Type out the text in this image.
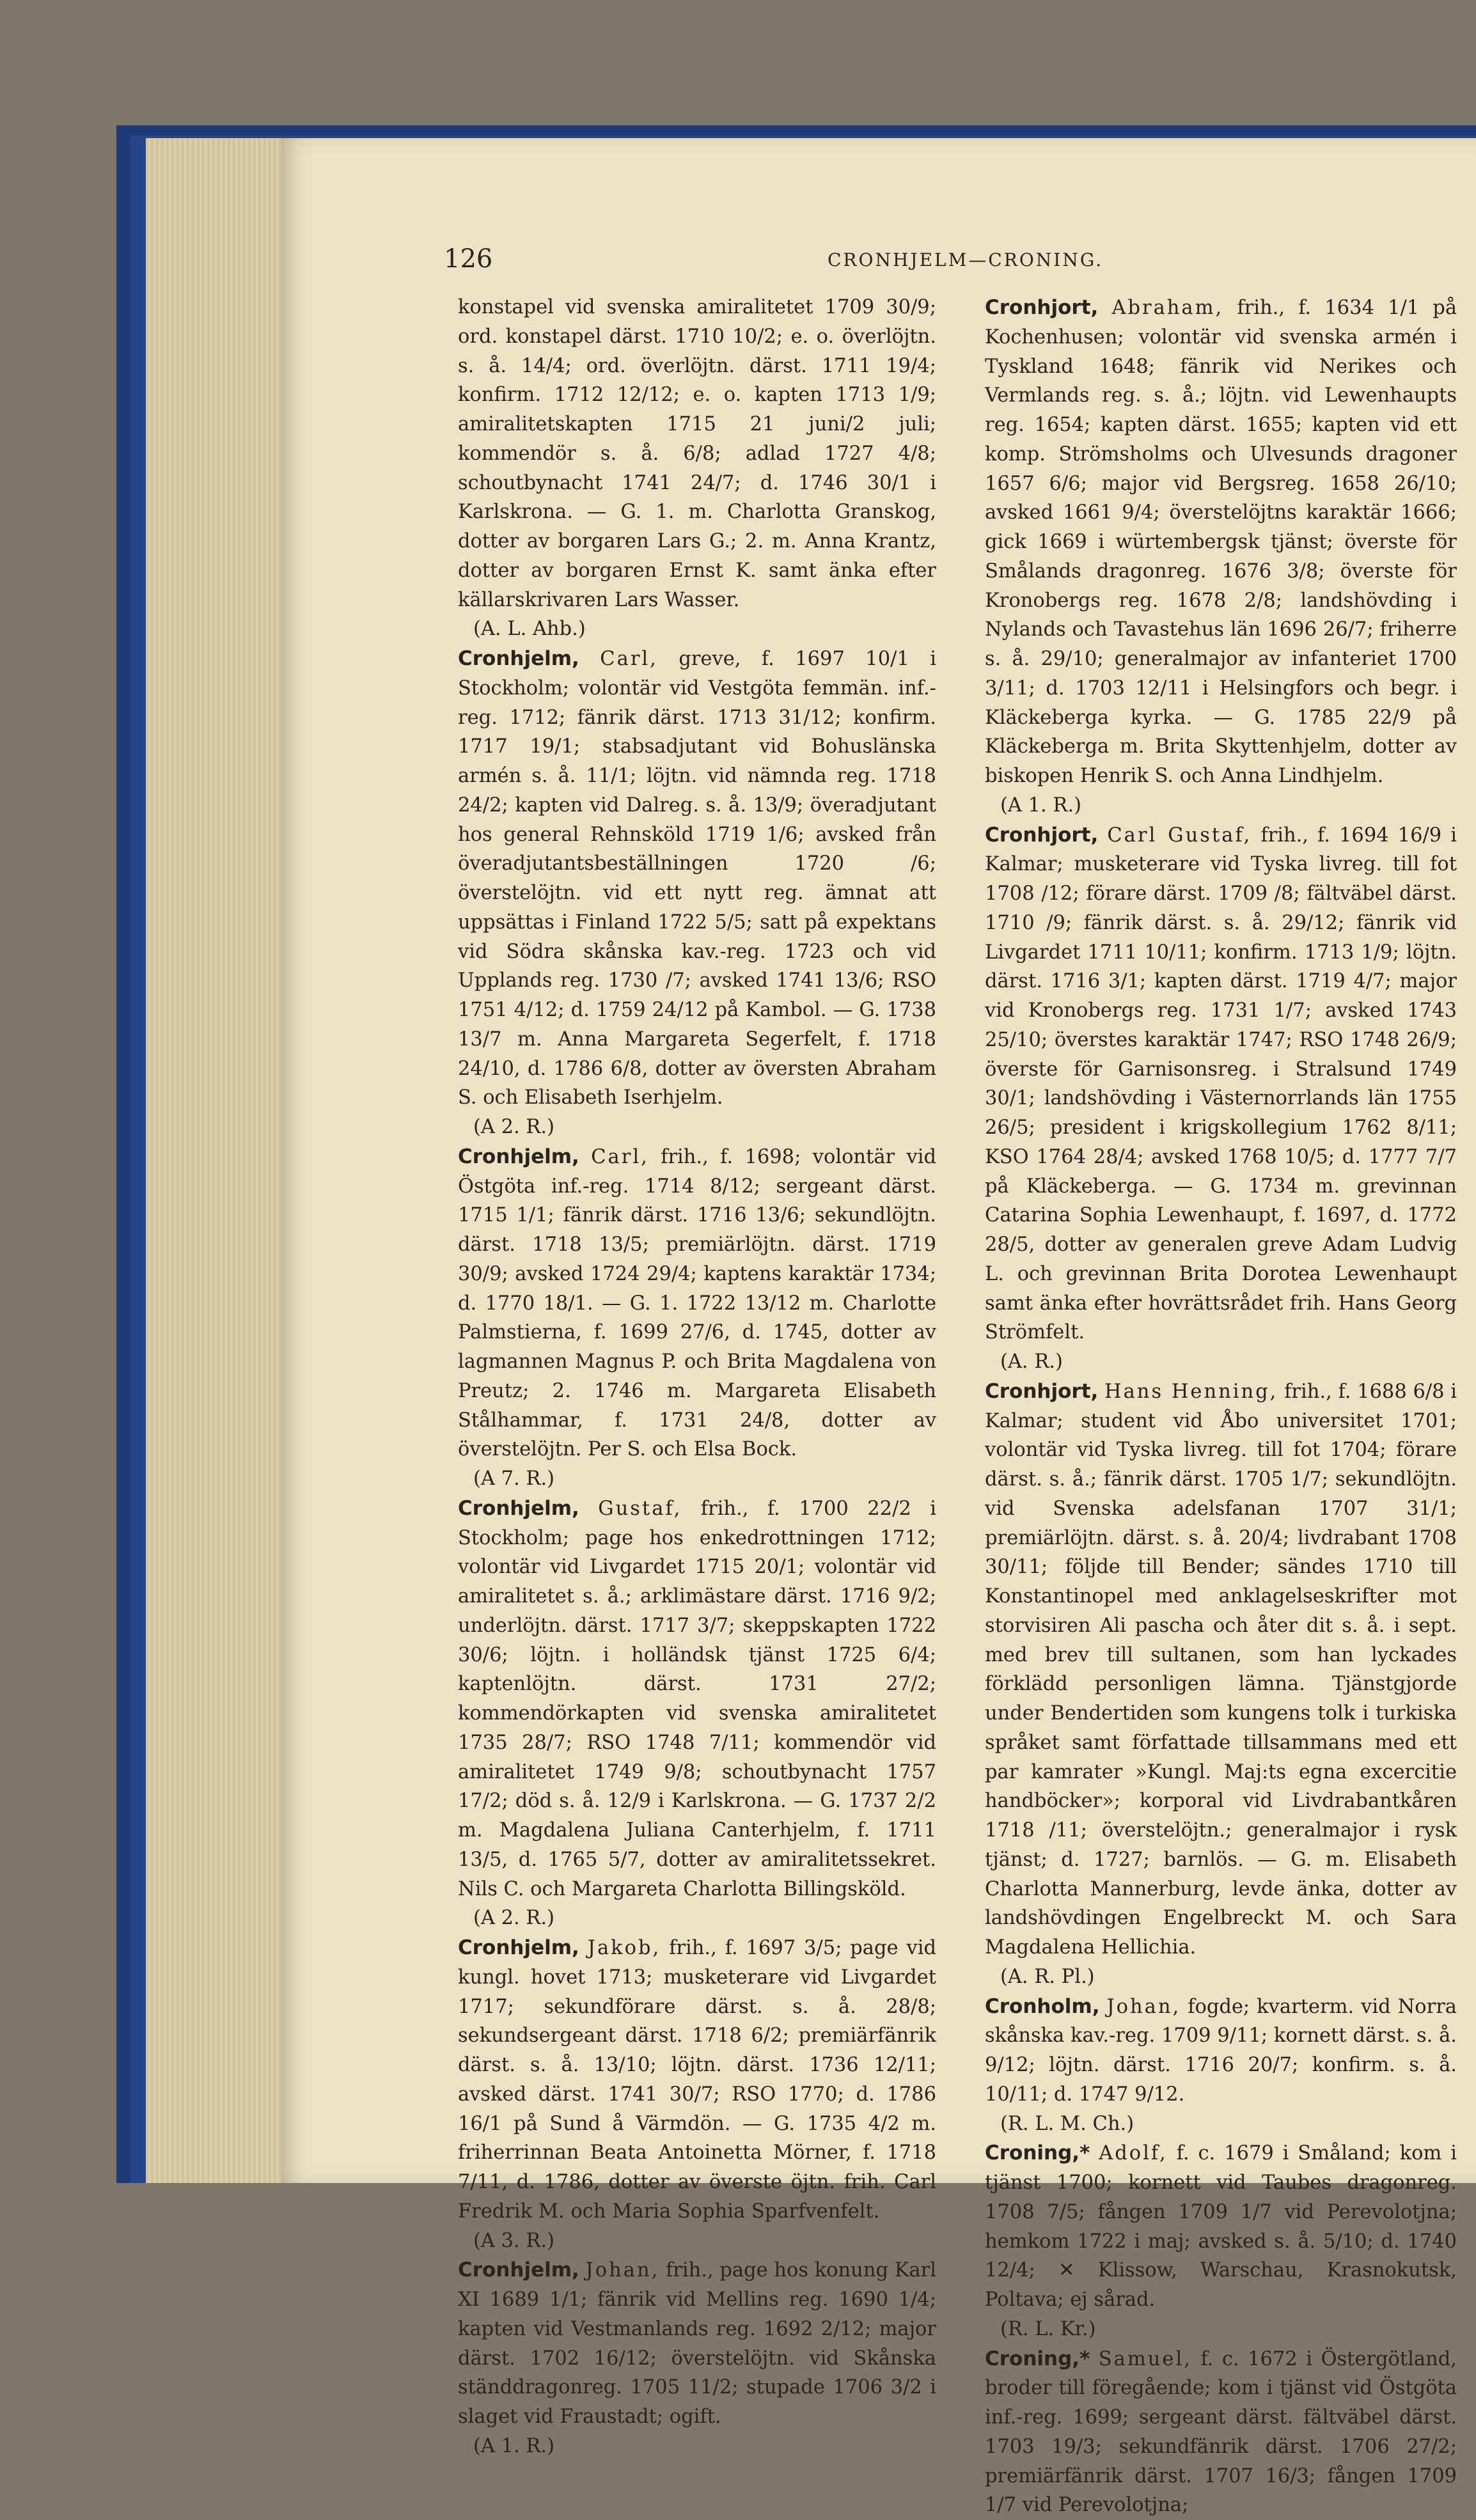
126	CRONHJELM—CRONING.

konstapel vid svenska amiralitetet 1709 30/9; ord. konstapel därst. 1710 10/2; e. o. överlöjtn. s. å. 14/4; ord. överlöjtn. därst. 1711 19/4; konfirm. 1712 12/12; e. o. kapten 1713 1/9; amiralitetskapten 1715 21 juni/2 juli; kommendör s. å. 6/8; adlad 1727 4/8; schoutbynacht 1741 24/7; d. 1746 30/1 i Karlskrona. — G. 1. m. Charlotta Granskog, dotter av borgaren Lars G.; 2. m. Anna Krantz, dotter av borgaren Ernst K. samt änka efter källarskrivaren Lars Wasser.

(A. L. Ahb.)

Cronhjelm, Carl, greve, f. 1697 10/1 i Stockholm; volontär vid Vestgöta femmän. inf.-reg. 1712; fänrik därst. 1713 31/12; konfirm. 1717 19/1; stabsadjutant vid Bohuslänska armén s. å. 11/1; löjtn. vid nämnda reg. 1718 24/2; kapten vid Dalreg. s. å. 13/9; överadjutant hos general Rehnsköld 1719 1/6; avsked från överadjutantsbeställningen 1720 /6; överstelöjtn. vid ett nytt reg. ämnat att uppsättas i Finland 1722 5/5; satt på expektans vid Södra skånska kav.-reg. 1723 och vid Upplands reg. 1730 /7; avsked 1741 13/6; RSO 1751 4/12; d. 1759 24/12 på Kambol. — G. 1738 13/7 m. Anna Margareta Segerfelt, f. 1718 24/10, d. 1786 6/8, dotter av översten Abraham S. och Elisabeth Iserhjelm.

(A 2. R.)

Cronhjelm, Carl, frih., f. 1698; volontär vid Östgöta inf.-reg. 1714 8/12; sergeant därst. 1715 1/1; fänrik därst. 1716 13/6; sekundlöjtn. därst. 1718 13/5; premiärlöjtn. därst. 1719 30/9; avsked 1724 29/4; kaptens karaktär 1734; d. 1770 18/1. — G. 1. 1722 13/12 m. Charlotte Palmstierna, f. 1699 27/6, d. 1745, dotter av lagmannen Magnus P. och Brita Magdalena von Preutz; 2. 1746 m. Margareta Elisabeth Stålhammar, f. 1731 24/8, dotter av överstelöjtn. Per S. och Elsa Bock.

(A 7. R.)

Cronhjelm, Gustaf, frih., f. 1700 22/2 i Stockholm; page hos enkedrottningen 1712; volontär vid Livgardet 1715 20/1; volontär vid amiralitetet s. å.; arklimästare därst. 1716 9/2; underlöjtn. därst. 1717 3/7; skeppskapten 1722 30/6; löjtn. i holländsk tjänst 1725 6/4; kaptenlöjtn. därst. 1731 27/2; kommendörkapten vid svenska amiralitetet 1735 28/7; RSO 1748 7/11; kommendör vid amiralitetet 1749 9/8; schoutbynacht 1757 17/2; död s. å. 12/9 i Karlskrona. — G. 1737 2/2 m. Magdalena Juliana Canterhjelm, f. 1711 13/5, d. 1765 5/7, dotter av amiralitetssekret. Nils C. och Margareta Charlotta Billingsköld.

(A 2. R.)

Cronhjelm, Jakob, frih., f. 1697 3/5; page vid kungl. hovet 1713; musketerare vid Livgardet 1717; sekundförare därst. s. å. 28/8; sekundsergeant därst. 1718 6/2; premiärfänrik därst. s. å. 13/10; löjtn. därst. 1736 12/11; avsked därst. 1741 30/7; RSO 1770; d. 1786 16/1 på Sund å Värmdön. — G. 1735 4/2 m. friherrinnan Beata Antoinetta Mörner, f. 1718 7/11, d. 1786, dotter av överste öjtn. frih. Carl Fredrik M. och Maria Sophia Sparfvenfelt.

(A 3. R.)

Cronhjelm, Johan, frih., page hos konung Karl XI 1689 1/1; fänrik vid Mellins reg. 1690 1/4; kapten vid Vestmanlands reg. 1692 2/12; major därst. 1702 16/12; överstelöjtn. vid Skånska ständdragonreg. 1705 11/2; stupade 1706 3/2 i slaget vid Fraustadt; ogift.

(A 1. R.)

Cronhjort, Abraham, frih., f. 1634 1/1 på Kochenhusen; volontär vid svenska armén i Tyskland 1648; fänrik vid Nerikes och Vermlands reg. s. å.; löjtn. vid Lewenhaupts reg. 1654; kapten därst. 1655; kapten vid ett komp. Strömsholms och Ulvesunds dragoner 1657 6/6; major vid Bergsreg. 1658 26/10; avsked 1661 9/4; överstelöjtns karaktär 1666; gick 1669 i würtembergsk tjänst; överste för Smålands dragonreg. 1676 3/8; överste för Kronobergs reg. 1678 2/8; landshövding i Nylands och Tavastehus län 1696 26/7; friherre s. å. 29/10; generalmajor av infanteriet 1700 3/11; d. 1703 12/11 i Helsingfors och begr. i Kläckeberga kyrka. — G. 1785 22/9 på Kläckeberga m. Brita Skyttenhjelm, dotter av biskopen Henrik S. och Anna Lindhjelm.

(A 1. R.)

Cronhjort, Carl Gustaf, frih., f. 1694 16/9 i Kalmar; musketerare vid Tyska livreg. till fot 1708 /12; förare därst. 1709 /8; fältväbel därst. 1710 /9; fänrik därst. s. å. 29/12; fänrik vid Livgardet 1711 10/11; konfirm. 1713 1/9; löjtn. därst. 1716 3/1; kapten därst. 1719 4/7; major vid Kronobergs reg. 1731 1/7; avsked 1743 25/10; överstes karaktär 1747; RSO 1748 26/9; överste för Garnisonsreg. i Stralsund 1749 30/1; landshövding i Västernorrlands län 1755 26/5; president i krigskollegium 1762 8/11; KSO 1764 28/4; avsked 1768 10/5; d. 1777 7/7 på Kläckeberga. — G. 1734 m. grevinnan Catarina Sophia Lewenhaupt, f. 1697, d. 1772 28/5, dotter av generalen greve Adam Ludvig L. och grevinnan Brita Dorotea Lewenhaupt samt änka efter hovrättsrådet frih. Hans Georg Strömfelt.

(A. R.)

Cronhjort, Hans Henning, frih., f. 1688 6/8 i Kalmar; student vid Åbo universitet 1701; volontär vid Tyska livreg. till fot 1704; förare därst. s. å.; fänrik därst. 1705 1/7; sekundlöjtn. vid Svenska adelsfanan 1707 31/1; premiärlöjtn. därst. s. å. 20/4; livdrabant 1708 30/11; följde till Bender; sändes 1710 till Konstantinopel med anklagelseskrifter mot storvisiren Ali pascha och åter dit s. å. i sept. med brev till sultanen, som han lyckades förklädd personligen lämna. Tjänstgjorde under Bendertiden som kungens tolk i turkiska språket samt författade tillsammans med ett par kamrater »Kungl. Maj:ts egna excercitie handböcker»; korporal vid Livdrabantkåren 1718 /11; överstelöjtn.; generalmajor i rysk tjänst; d. 1727; barnlös. — G. m. Elisabeth Charlotta Mannerburg, levde änka, dotter av landshövdingen Engelbreckt M. och Sara Magdalena Hellichia.

(A. R. Pl.)

Cronholm, Johan, fogde; kvarterm. vid Norra skånska kav.-reg. 1709 9/11; kornett därst. s. å. 9/12; löjtn. därst. 1716 20/7; konfirm. s. å. 10/11; d. 1747 9/12.

(R. L. M. Ch.)

Croning,* Adolf, f. c. 1679 i Småland; kom i tjänst 1700; kornett vid Taubes dragonreg. 1708 7/5; fången 1709 1/7 vid Perevolotjna; hemkom 1722 i maj; avsked s. å. 5/10; d. 1740 12/4; ✕ Klissow, Warschau, Krasnokutsk, Poltava; ej sårad.

(R. L. Kr.)

Croning,* Samuel, f. c. 1672 i Östergötland, broder till föregående; kom i tjänst vid Östgöta inf.-reg. 1699; sergeant därst. fältväbel därst. 1703 19/3; sekundfänrik därst. 1706 27/2; premiärfänrik därst. 1707 16/3; fången 1709 1/7 vid Perevolotjna;
